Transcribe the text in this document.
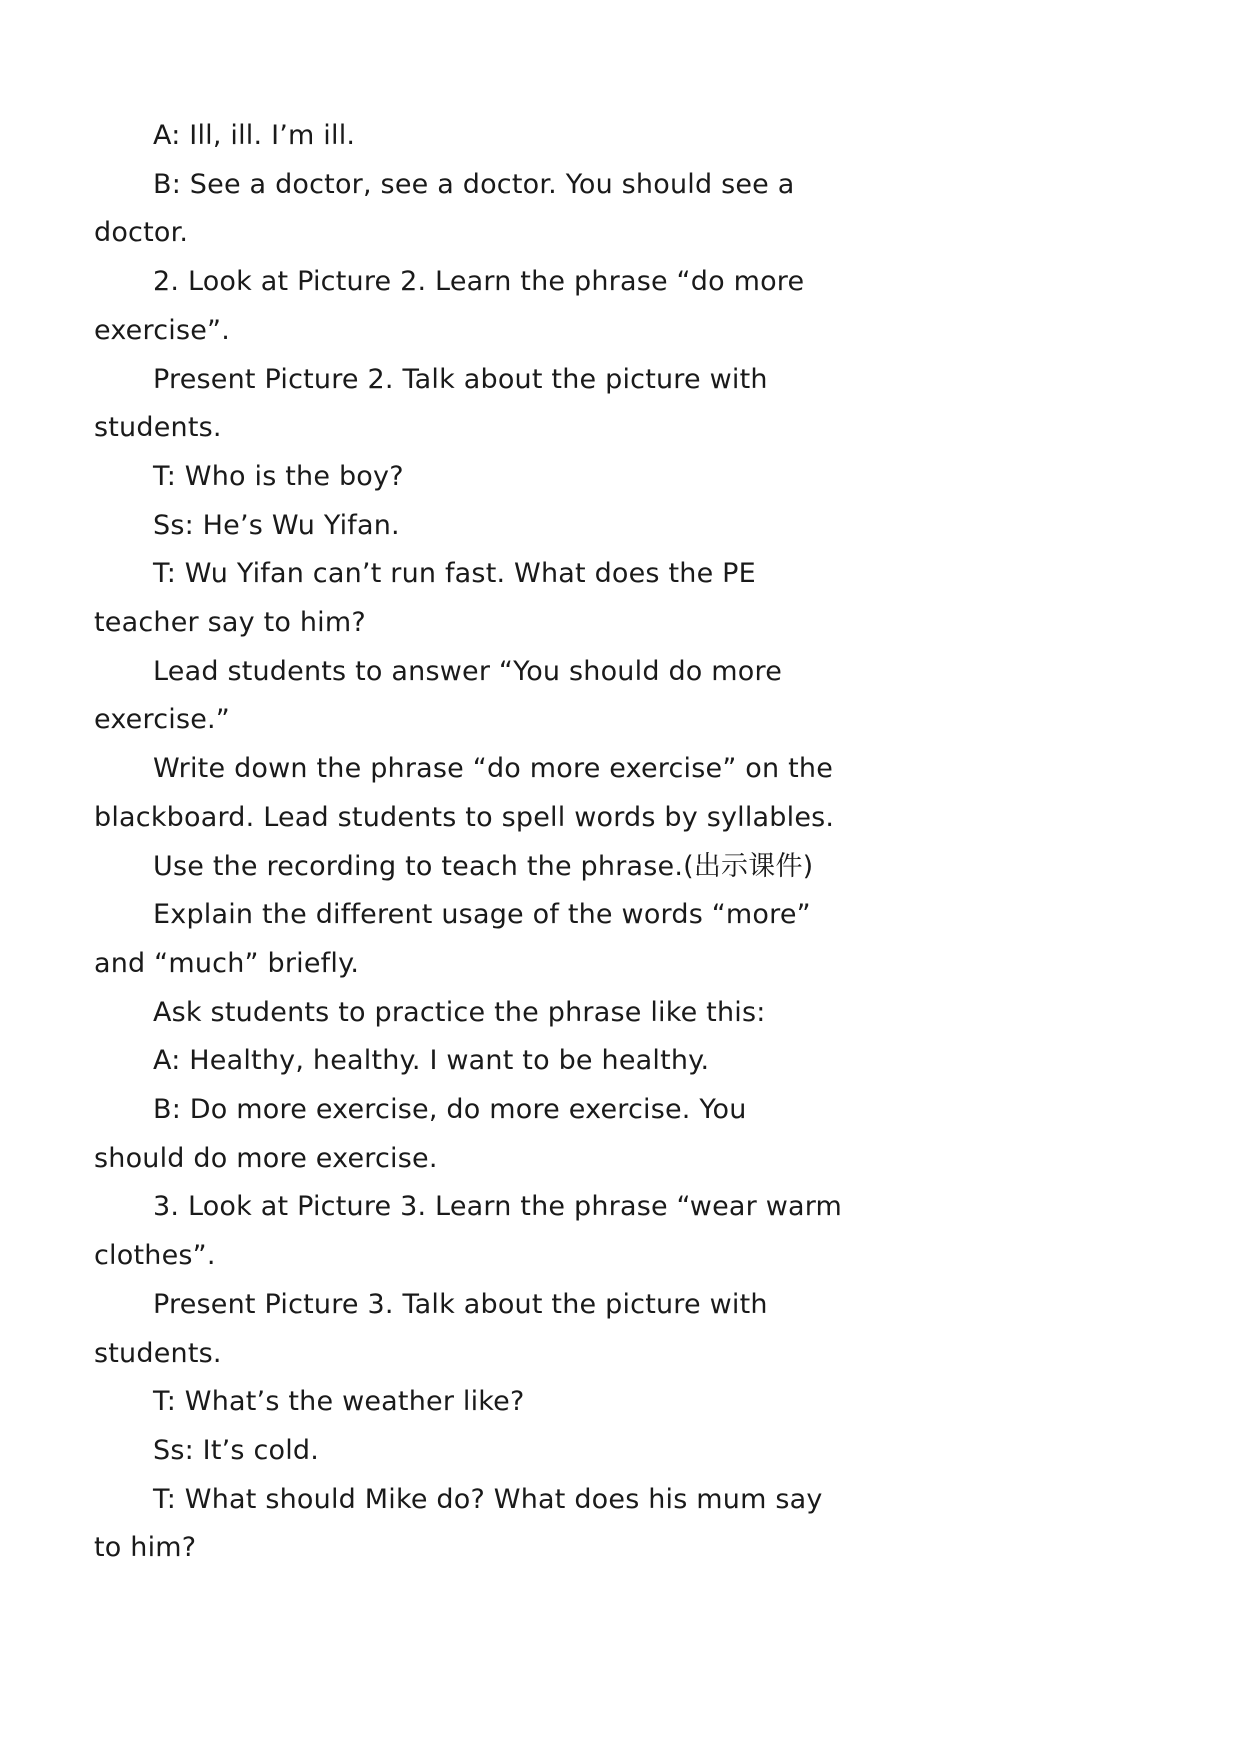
A: Ill, ill. I’m ill.

B: See a doctor, see a doctor. You should see a

doctor.

2. Look at Picture 2. Learn the phrase “do more

exercise”.

Present Picture 2. Talk about the picture with

students.

T: Who is the boy?

Ss: He’s Wu Yifan.

T: Wu Yifan can’t run fast. What does the PE

teacher say to him?

Lead students to answer “You should do more

exercise.”

Write down the phrase “do more exercise” on the

blackboard. Lead students to spell words by syllables.

Use the recording to teach the phrase.(出示课件)

Explain the different usage of the words “more”

and “much” briefly.

Ask students to practice the phrase like this:

A: Healthy, healthy. I want to be healthy.

B: Do more exercise, do more exercise. You

should do more exercise.

3. Look at Picture 3. Learn the phrase “wear warm

clothes”.

Present Picture 3. Talk about the picture with

students.

T: What’s the weather like?

Ss: It’s cold.

T: What should Mike do? What does his mum say

to him?
